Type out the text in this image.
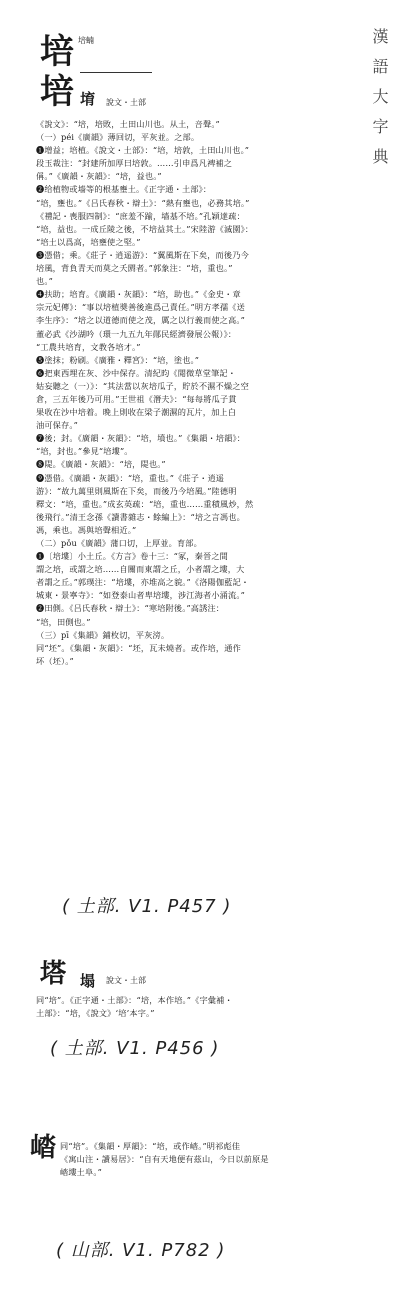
漢語大字典
培 培蝻
培 堉 說文・土部

《說文》：“培，培敗，土田山川也。从土，咅聲。”

（一）péi《廣韻》薄回切，平灰並。之部。

❶增益；培植。《說文・土部》：“培，培敦，土田山川也。”

段玉裁注：“封建所加厚曰培敦。……引申爲凡裨補之

偁。”《廣韻・灰韻》：“培，益也。”

❷给植物或墙等的根基壅土。《正字通・土部》：

“培，壅也。”《吕氏春秋・辯土》：“熱有壅也，必務其培。”

《禮記・喪服四制》：“庶羞不踰，墙基不培。”孔穎達疏：

“培，益也。一成丘陵之後，不培益其土。”宋陸游《滅園》：

“培土以爲高，培壅使之堅。”

❸憑借；乘。《莊子・逍遥游》：“翼風斯在下矣，而後乃今

培風，背負青天而莫之夭閼者。”郭象注：“培，重也。”

也。”

❹扶助；培育。《廣韻・灰韻》：“培，助也。”《金史・章

宗元妃傳》：“事以培植奬善後進爲己責任。”明方孝孺《送

李生序》：“培之以道德而使之茂，厲之以行義而使之高。”

董必武《沙湖吟（環一九五九年鄖民經濟發展公報）》：

“工農共培育，文教各培才。”

❺塗抹；粉刷。《廣雅・釋宮》：“培，塗也。”

❻把東西埋在灰、沙中保存。清紀昀《閲微草堂筆記・

姑妄聽之（一）》：“其法當以灰培瓜子，貯於不濕不燥之空

倉，三五年後乃可用。”王世祖《潛夫》：“每每將瓜子貫

果收在沙中培着。晚上則收在梁子潮濕的瓦片，加上白

油可保存。”

❼後；封。《廣韻・灰韻》：“培，墳也。”《集韻・培韻》：

“培，封也。”參見“培塿”。

❽隄。《廣韻・灰韻》：“培，隄也。”

❾憑借。《廣韻・灰韻》：“培，重也。”《莊子・逍遥

游》：“故九萬里則風斯在下矣，而後乃今培風。”陸德明

釋文：“培，重也。”成玄英疏：“培，重也……重積風炒，然

後飛行。”清王念孫《讀書雜志・餘編上》：“培之言馮也。

馮，乘也。馮與培聲相近。”

（二）pǒu《廣韻》蒲口切，上厚並。育部。

❶〔培塿〕小土丘。《方言》卷十三：“冢，秦晉之間

謂之培，或謂之培……自關而東謂之丘，小者謂之塿，大

者謂之丘。”郭璞注：“培塿，亦堆高之貌。”《洛陽伽藍記・

城東・景寧寺》：“如登泰山者卑培塿，涉江海者小涌流。”

❷田側。《吕氏春秋・辯土》：“寒培附後。”高誘注：

“培，田側也。”

（三）pī《集韻》鋪枚切，平灰滂。

同“坯”。《集韻・灰韻》：“坯，瓦未燒者。或作培，通作

坏（坯）。”

( 土部. V1. P457 )
塔 塌 說文・土部

同“培”。《正字通・土部》：“培，本作培。”《字彙補・

土部》：“培，《說文》‘培’本字。”

( 土部. V1. P456 )
崉 同“培”。《集韻・厚韻》：“培，或作崉。”明祁彪佳

《寓山注・讀易居》：“自有天地便有茲山，今日以前原是

崉塿土阜。”

( 山部. V1. P782 )
